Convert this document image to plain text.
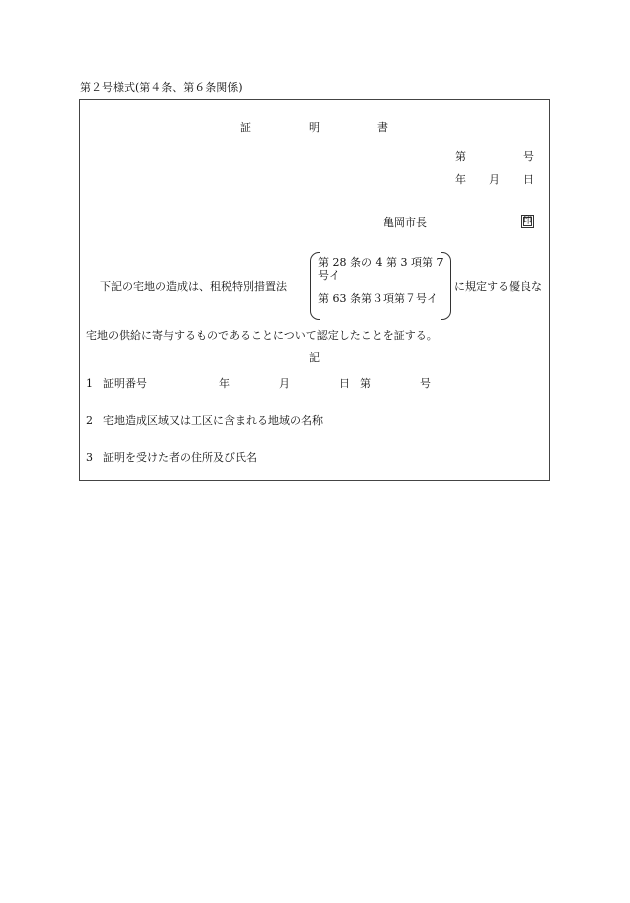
第２号様式(第４条、第６条関係)
証	明	書
第	号
年 月 日
亀岡市長	印
下記の宅地の造成は、租税特別措置法
第 28 条の 4 第 3 項第 7
号イ
第 63 条第３項第７号イ
に規定する優良な
宅地の供給に寄与するものであることについて認定したことを証する。
記
1 証明番号	年	月	日 第	号
2 宅地造成区域又は工区に含まれる地域の名称
3 証明を受けた者の住所及び氏名
